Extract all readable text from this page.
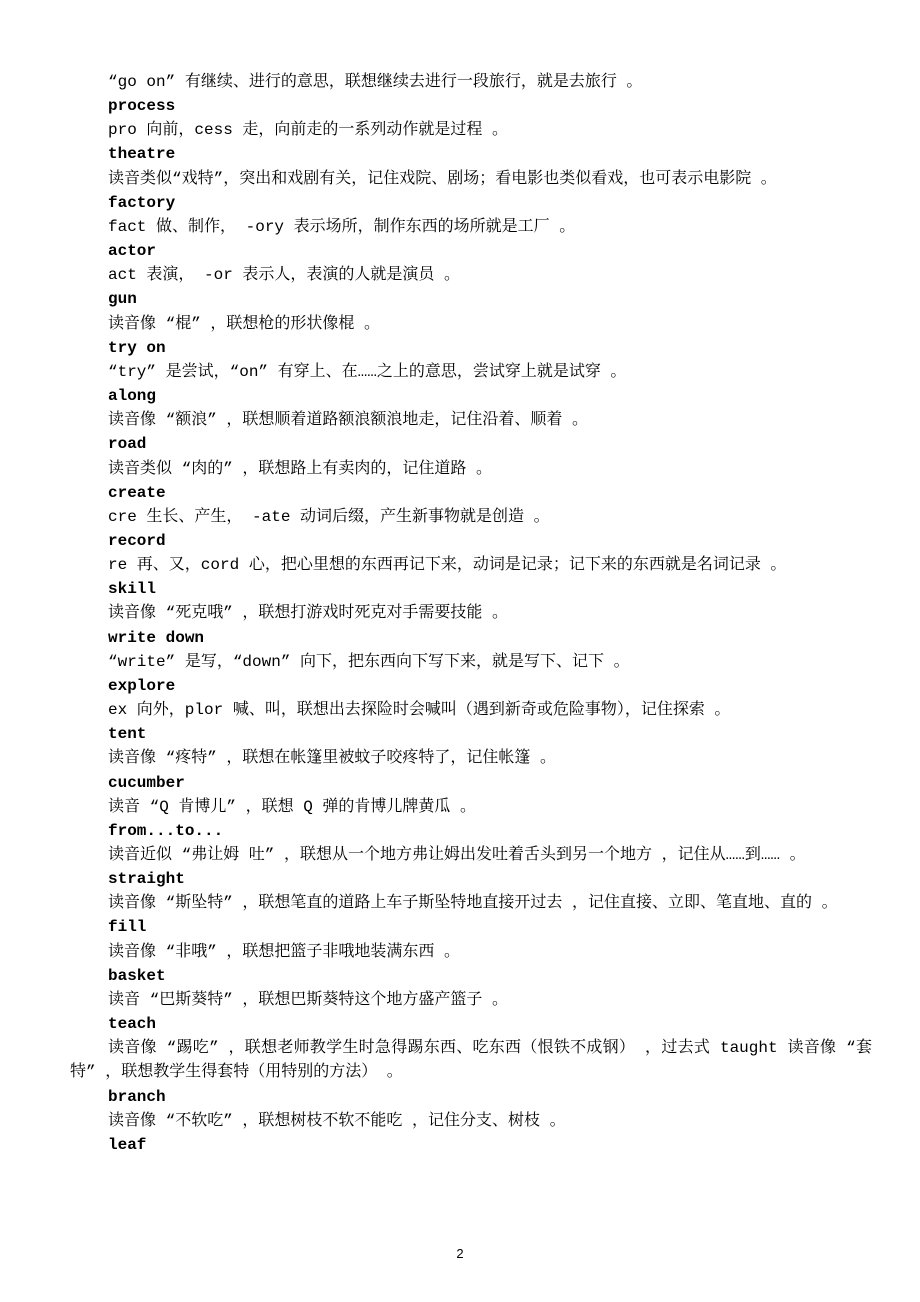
“go on” 有继续、进行的意思，联想继续去进行一段旅行，就是去旅行 。

process

pro 向前，cess 走，向前走的一系列动作就是过程 。

theatre

读音类似“戏特”，突出和戏剧有关，记住戏院、剧场；看电影也类似看戏，也可表示电影院 。

factory

fact 做、制作， -ory 表示场所，制作东西的场所就是工厂 。

actor

act 表演， -or 表示人，表演的人就是演员 。

gun

读音像 “棍” ，联想枪的形状像棍 。

try on

“try” 是尝试，“on” 有穿上、在……之上的意思，尝试穿上就是试穿 。

along

读音像 “额浪” ，联想顺着道路额浪额浪地走，记住沿着、顺着 。

road

读音类似 “肉的” ，联想路上有卖肉的，记住道路 。

create

cre 生长、产生， -ate 动词后缀，产生新事物就是创造 。

record

re 再、又，cord 心，把心里想的东西再记下来，动词是记录；记下来的东西就是名词记录 。

skill

读音像 “死克哦” ，联想打游戏时死克对手需要技能 。

write down

“write” 是写，“down” 向下，把东西向下写下来，就是写下、记下 。

explore

ex 向外，plor 喊、叫，联想出去探险时会喊叫（遇到新奇或危险事物），记住探索 。

tent

读音像 “疼特” ，联想在帐篷里被蚊子咬疼特了，记住帐篷 。

cucumber

读音 “Q 肯博儿” ，联想 Q 弹的肯博儿牌黄瓜 。

from...to...

读音近似 “弗让姆 吐” ，联想从一个地方弗让姆出发吐着舌头到另一个地方 ，记住从……到…… 。

straight

读音像 “斯坠特” ，联想笔直的道路上车子斯坠特地直接开过去 ，记住直接、立即、笔直地、直的 。

fill

读音像 “非哦” ，联想把篮子非哦地装满东西 。

basket

读音 “巴斯葵特” ，联想巴斯葵特这个地方盛产篮子 。

teach

读音像 “踢吃” ，联想老师教学生时急得踢东西、吃东西（恨铁不成钢） ，过去式 taught 读音像 “套特” ，联想教学生得套特（用特别的方法） 。

branch

读音像 “不软吃” ，联想树枝不软不能吃 ，记住分支、树枝 。

leaf

2
